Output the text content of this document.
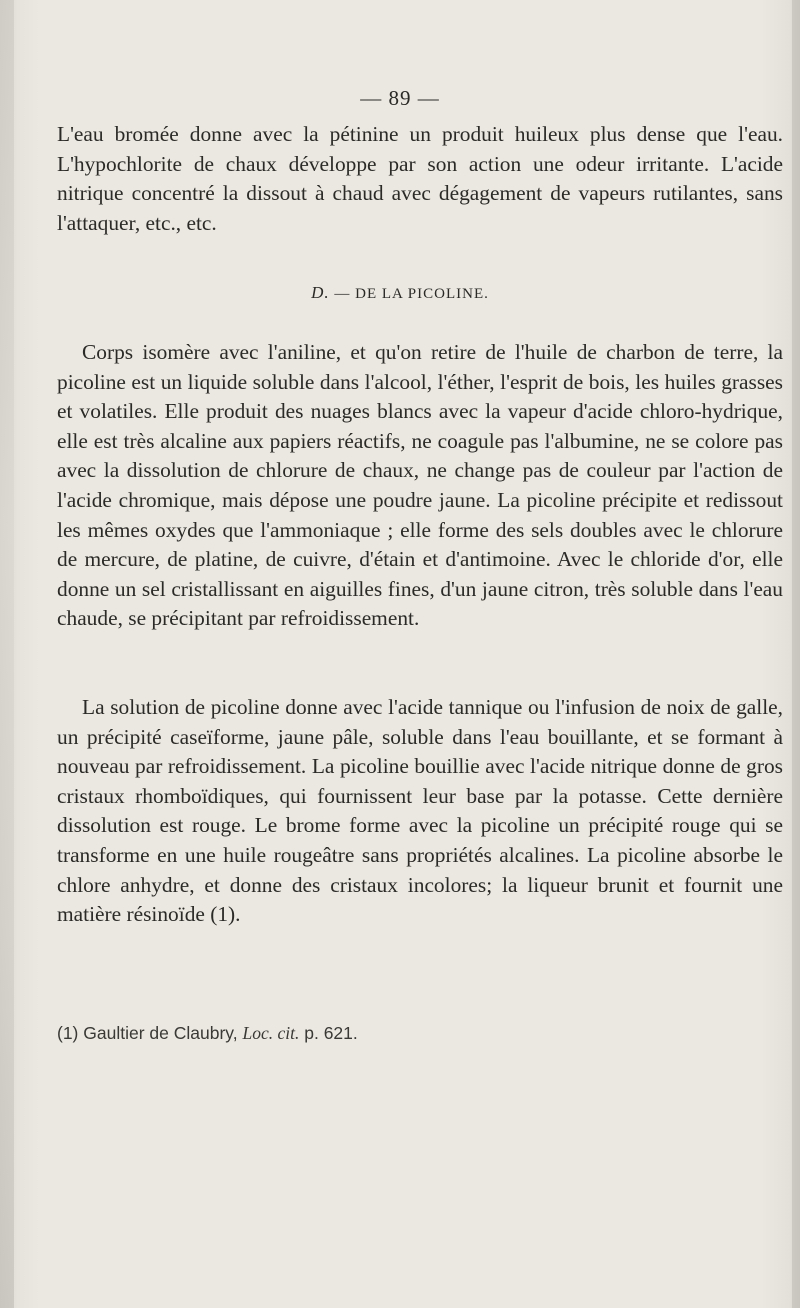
— 89 —

L'eau bromée donne avec la pétinine un produit huileux plus dense que l'eau. L'hypochlorite de chaux développe par son action une odeur irritante. L'acide nitrique concentré la dissout à chaud avec dégagement de vapeurs rutilantes, sans l'attaquer, etc., etc.

D. — DE LA PICOLINE.

Corps isomère avec l'aniline, et qu'on retire de l'huile de charbon de terre, la picoline est un liquide soluble dans l'alcool, l'éther, l'esprit de bois, les huiles grasses et volatiles. Elle produit des nuages blancs avec la vapeur d'acide chloro-hydrique, elle est très alcaline aux papiers réactifs, ne coagule pas l'albumine, ne se colore pas avec la dissolution de chlorure de chaux, ne change pas de couleur par l'action de l'acide chromique, mais dépose une poudre jaune. La picoline précipite et redissout les mêmes oxydes que l'ammoniaque ; elle forme des sels doubles avec le chlorure de mercure, de platine, de cuivre, d'étain et d'antimoine. Avec le chloride d'or, elle donne un sel cristallissant en aiguilles fines, d'un jaune citron, très soluble dans l'eau chaude, se précipitant par refroidissement.

La solution de picoline donne avec l'acide tannique ou l'infusion de noix de galle, un précipité caseïforme, jaune pâle, soluble dans l'eau bouillante, et se formant à nouveau par refroidissement. La picoline bouillie avec l'acide nitrique donne de gros cristaux rhomboïdiques, qui fournissent leur base par la potasse. Cette dernière dissolution est rouge. Le brome forme avec la picoline un précipité rouge qui se transforme en une huile rougeâtre sans propriétés alcalines. La picoline absorbe le chlore anhydre, et donne des cristaux incolores; la liqueur brunit et fournit une matière résinoïde (1).

(1) Gaultier de Claubry, Loc. cit. p. 621.
